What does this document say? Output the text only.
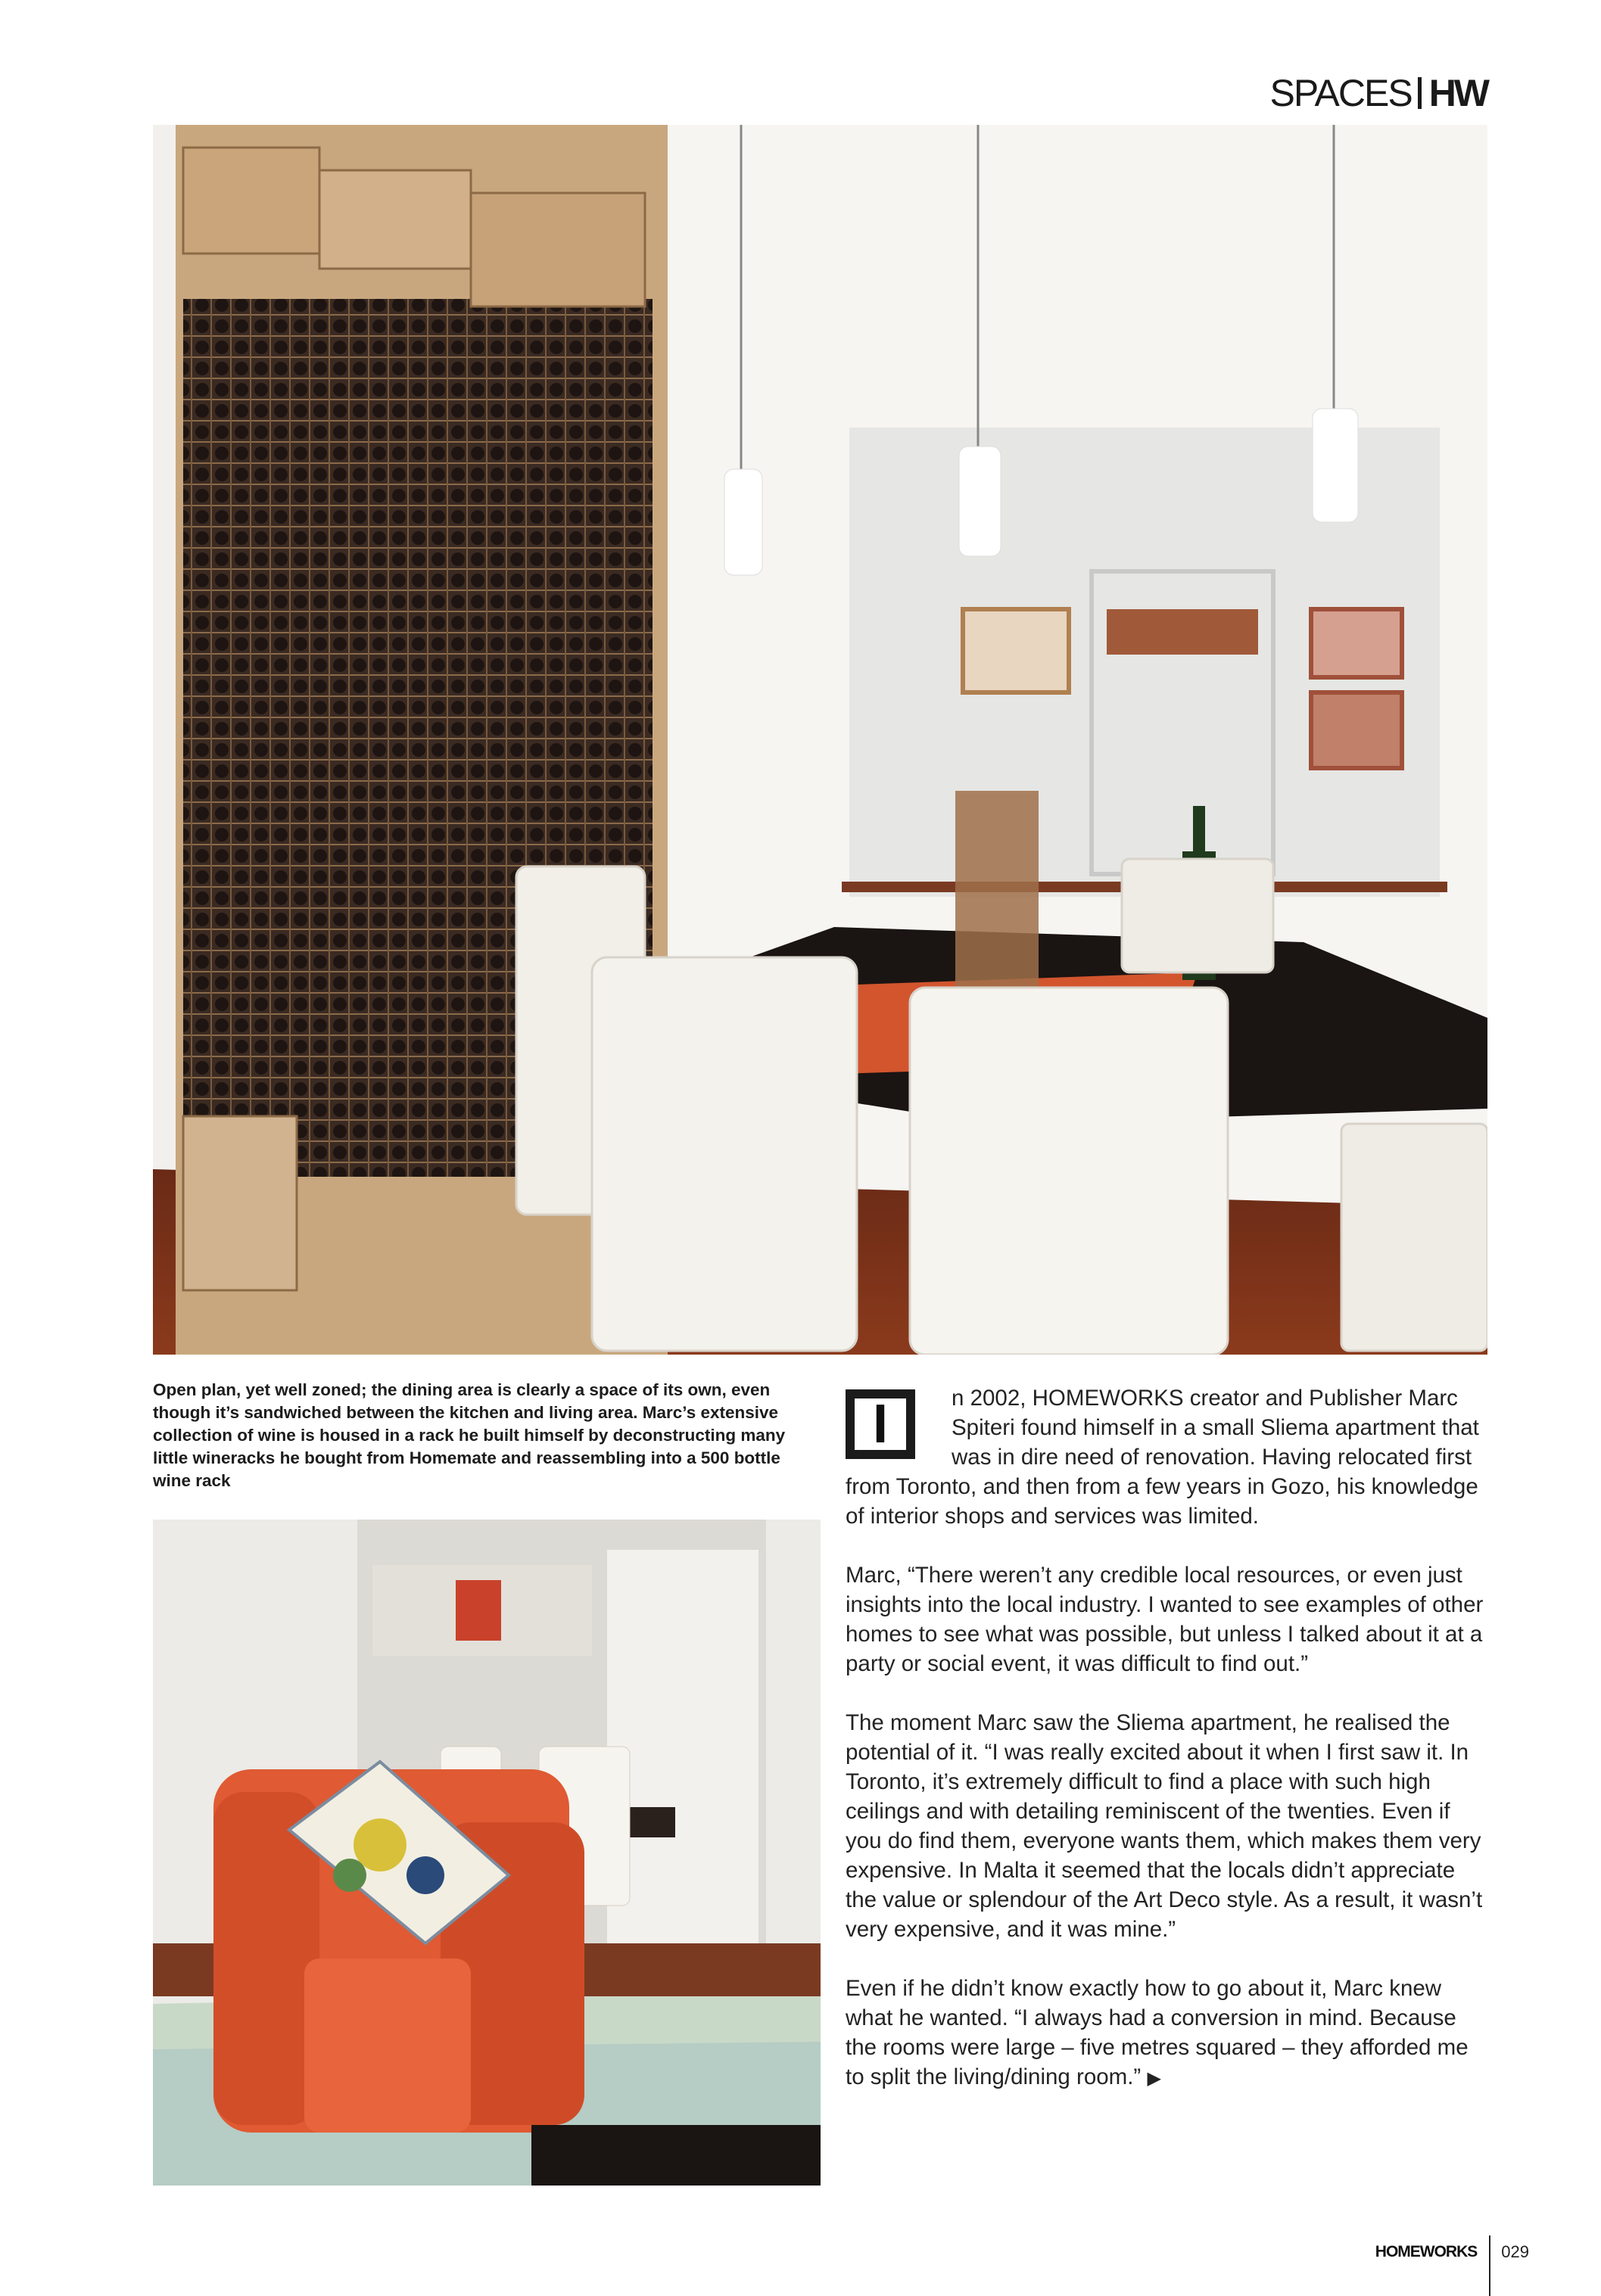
SPACES HW
Open plan, yet well zoned; the dining area is clearly a space of its own, even though it’s sandwiched between the kitchen and living area. Marc’s extensive collection of wine is housed in a rack he built himself by deconstructing many little wineracks he bought from Homemate and reassembling into a 500 bottle wine rack
I	n 2002, HOMEWORKS creator and Publisher Marc Spiteri found himself in a small Sliema apartment that was in dire need of renovation. Having relocated first from Toronto, and then from a few years in Gozo, his knowledge of interior shops and services was limited.

Marc, “There weren’t any credible local resources, or even just insights into the local industry. I wanted to see examples of other homes to see what was possible, but unless I talked about it at a party or social event, it was difficult to find out.”

The moment Marc saw the Sliema apartment, he realised the potential of it. “I was really excited about it when I first saw it. In Toronto, it’s extremely difficult to find a place with such high ceilings and with detailing reminiscent of the twenties. Even if you do find them, everyone wants them, which makes them very expensive. In Malta it seemed that the locals didn’t appreciate the value or splendour of the Art Deco style. As a result, it wasn’t very expensive, and it was mine.”

Even if he didn’t know exactly how to go about it, Marc knew what he wanted. “I always had a conversion in mind. Because the rooms were large – five metres squared – they afforded me to split the living/dining room.” ▶

HOMEWORKS 029
